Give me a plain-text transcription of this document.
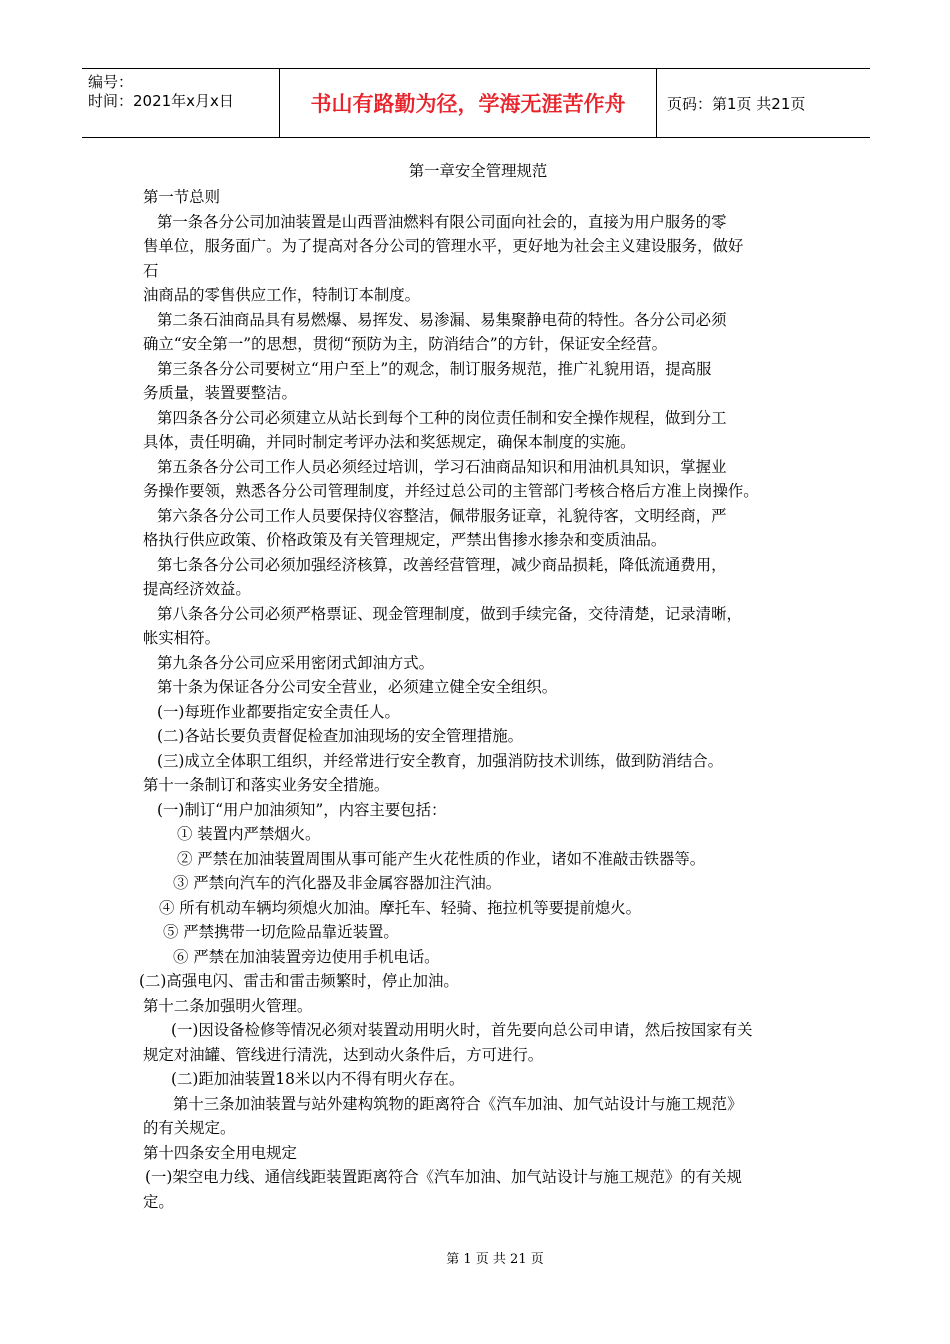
编号：
时间：2021年x月x日	书山有路勤为径，学海无涯苦作舟	页码：第1页 共21页

第一章安全管理规范

第一节总则

第一条各分公司加油装置是山西晋油燃料有限公司面向社会的，直接为用户服务的零

售单位，服务面广。为了提高对各分公司的管理水平，更好地为社会主义建设服务，做好

石

油商品的零售供应工作，特制订本制度。

第二条石油商品具有易燃爆、易挥发、易渗漏、易集聚静电荷的特性。各分公司必须

确立“安全第一”的思想，贯彻“预防为主，防消结合”的方针，保证安全经营。

第三条各分公司要树立“用户至上”的观念，制订服务规范，推广礼貌用语，提高服

务质量，装置要整洁。

第四条各分公司必须建立从站长到每个工种的岗位责任制和安全操作规程，做到分工

具体，责任明确，并同时制定考评办法和奖惩规定，确保本制度的实施。

第五条各分公司工作人员必须经过培训，学习石油商品知识和用油机具知识，掌握业

务操作要领，熟悉各分公司管理制度，并经过总公司的主管部门考核合格后方准上岗操作。

第六条各分公司工作人员要保持仪容整洁，佩带服务证章，礼貌待客，文明经商，严

格执行供应政策、价格政策及有关管理规定，严禁出售掺水掺杂和变质油品。

第七条各分公司必须加强经济核算，改善经营管理，减少商品损耗，降低流通费用，

提高经济效益。

第八条各分公司必须严格票证、现金管理制度，做到手续完备，交待清楚，记录清晰，

帐实相符。

第九条各分公司应采用密闭式卸油方式。

第十条为保证各分公司安全营业，必须建立健全安全组织。

(一)每班作业都要指定安全责任人。

(二)各站长要负责督促检查加油现场的安全管理措施。

(三)成立全体职工组织，并经常进行安全教育，加强消防技术训练，做到防消结合。

第十一条制订和落实业务安全措施。

(一)制订“用户加油须知”，内容主要包括：

① 装置内严禁烟火。

② 严禁在加油装置周围从事可能产生火花性质的作业，诸如不准敲击铁器等。

③ 严禁向汽车的汽化器及非金属容器加注汽油。

④ 所有机动车辆均须熄火加油。摩托车、轻骑、拖拉机等要提前熄火。

⑤ 严禁携带一切危险品靠近装置。

⑥ 严禁在加油装置旁边使用手机电话。

(二)高强电闪、雷击和雷击频繁时，停止加油。

第十二条加强明火管理。

(一)因设备检修等情况必须对装置动用明火时，首先要向总公司申请，然后按国家有关

规定对油罐、管线进行清洗，达到动火条件后，方可进行。

(二)距加油装置18米以内不得有明火存在。

第十三条加油装置与站外建构筑物的距离符合《汽车加油、加气站设计与施工规范》

的有关规定。

第十四条安全用电规定

(一)架空电力线、通信线距装置距离符合《汽车加油、加气站设计与施工规范》的有关规

定。

第 1 页 共 21 页
